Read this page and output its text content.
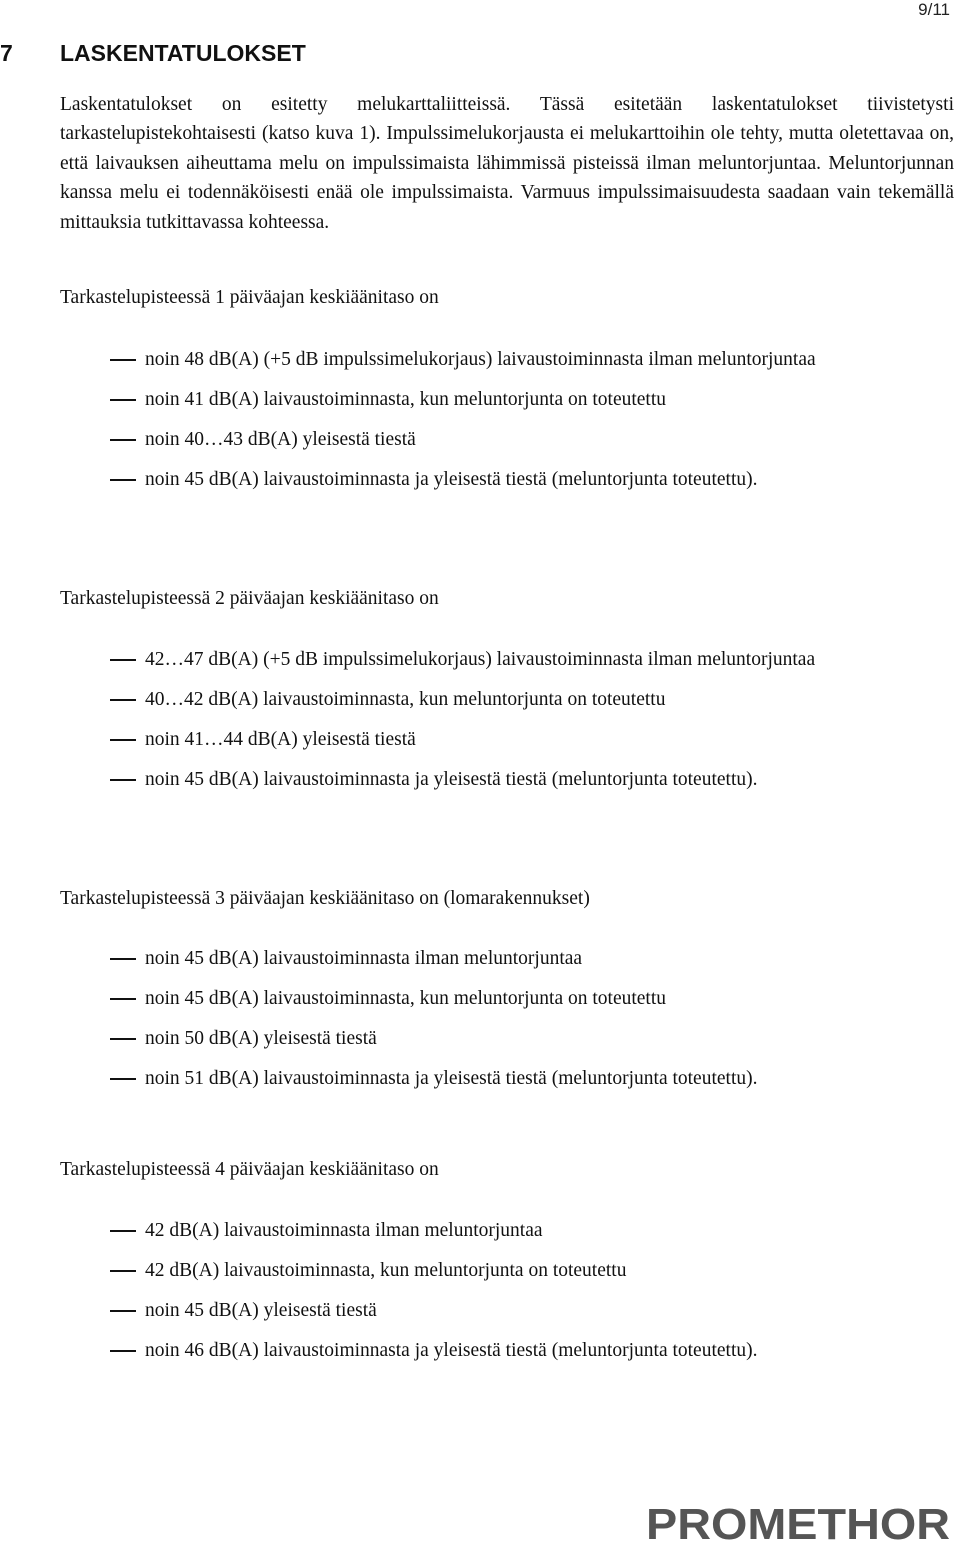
9/11
7 LASKENTATULOKSET
Laskentatulokset on esitetty melukarttaliitteissä. Tässä esitetään laskentatulokset tiivistetysti tarkastelupistekohtaisesti (katso kuva 1). Impulssimelukorjausta ei melukarttoihin ole tehty, mutta oletettavaa on, että laivauksen aiheuttama melu on impulssimaista lähimmissä pisteissä ilman meluntorjuntaa. Meluntorjunnan kanssa melu ei todennäköisesti enää ole impulssimaista. Varmuus impulssimaisuudesta saadaan vain tekemällä mittauksia tutkittavassa kohteessa.
Tarkastelupisteessä 1 päiväajan keskiäänitaso on
noin 48 dB(A) (+5 dB impulssimelukorjaus) laivaustoiminnasta ilman meluntorjuntaa
noin 41 dB(A) laivaustoiminnasta, kun meluntorjunta on toteutettu
noin 40…43 dB(A) yleisestä tiestä
noin 45 dB(A) laivaustoiminnasta ja yleisestä tiestä (meluntorjunta toteutettu).
Tarkastelupisteessä 2 päiväajan keskiäänitaso on
42…47 dB(A) (+5 dB impulssimelukorjaus) laivaustoiminnasta ilman meluntorjuntaa
40…42 dB(A) laivaustoiminnasta, kun meluntorjunta on toteutettu
noin 41…44 dB(A) yleisestä tiestä
noin 45 dB(A) laivaustoiminnasta ja yleisestä tiestä (meluntorjunta toteutettu).
Tarkastelupisteessä 3 päiväajan keskiäänitaso on (lomarakennukset)
noin 45 dB(A) laivaustoiminnasta ilman meluntorjuntaa
noin 45 dB(A) laivaustoiminnasta, kun meluntorjunta on toteutettu
noin 50 dB(A) yleisestä tiestä
noin 51 dB(A) laivaustoiminnasta ja yleisestä tiestä (meluntorjunta toteutettu).
Tarkastelupisteessä 4 päiväajan keskiäänitaso on
42 dB(A) laivaustoiminnasta ilman meluntorjuntaa
42 dB(A) laivaustoiminnasta, kun meluntorjunta on toteutettu
noin 45 dB(A) yleisestä tiestä
noin 46 dB(A) laivaustoiminnasta ja yleisestä tiestä (meluntorjunta toteutettu).
PROMETHOR
